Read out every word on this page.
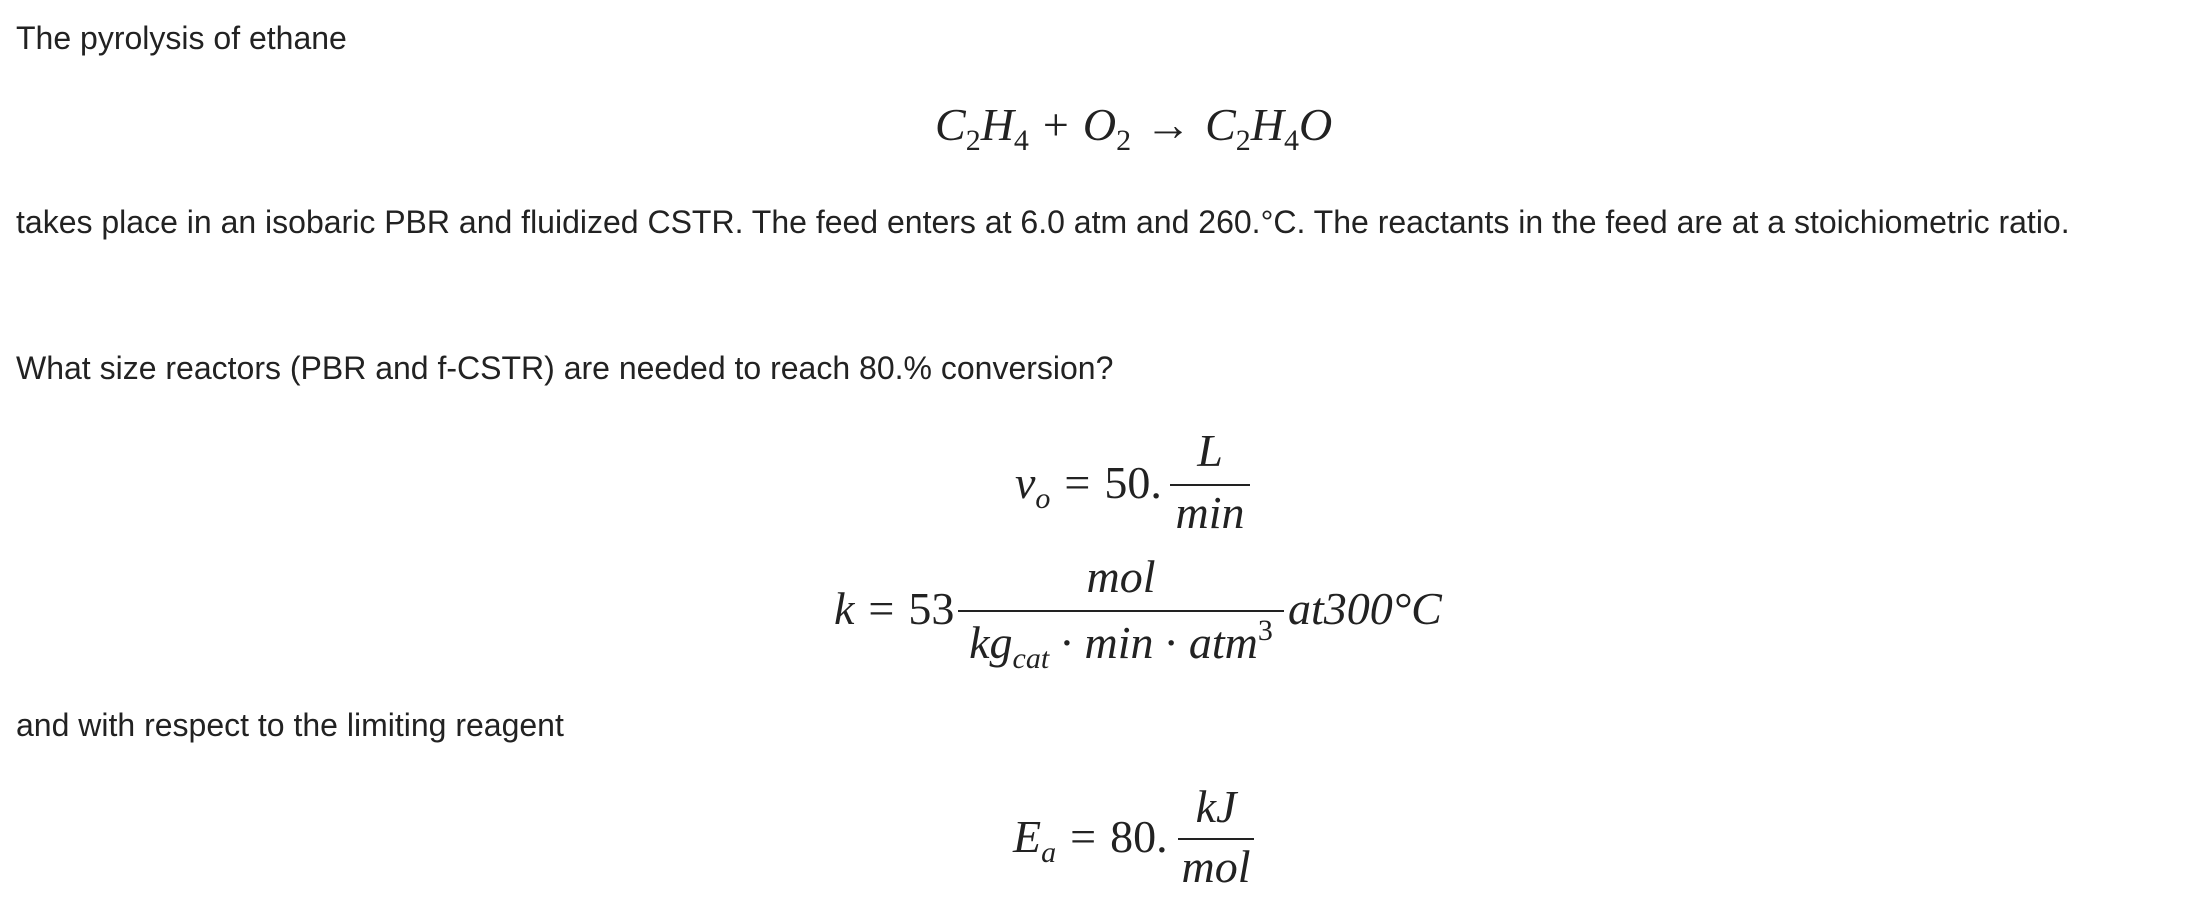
The pyrolysis of ethane

$C_2H_4 + O_2 \to C_2H_4O$

takes place in an isobaric PBR and fluidized CSTR. The feed enters at 6.0 atm and 260.°C. The reactants in the feed are at a stoichiometric ratio.

What size reactors (PBR and f-CSTR) are needed to reach 80.% conversion?

$v_o = 50$.
L
min
k = 53
mol
$kg_{cat} \cdot \min \cdot atm^3$ at300°C

and with respect to the limiting reagent

$E_a = 80$.
kJ
mol
